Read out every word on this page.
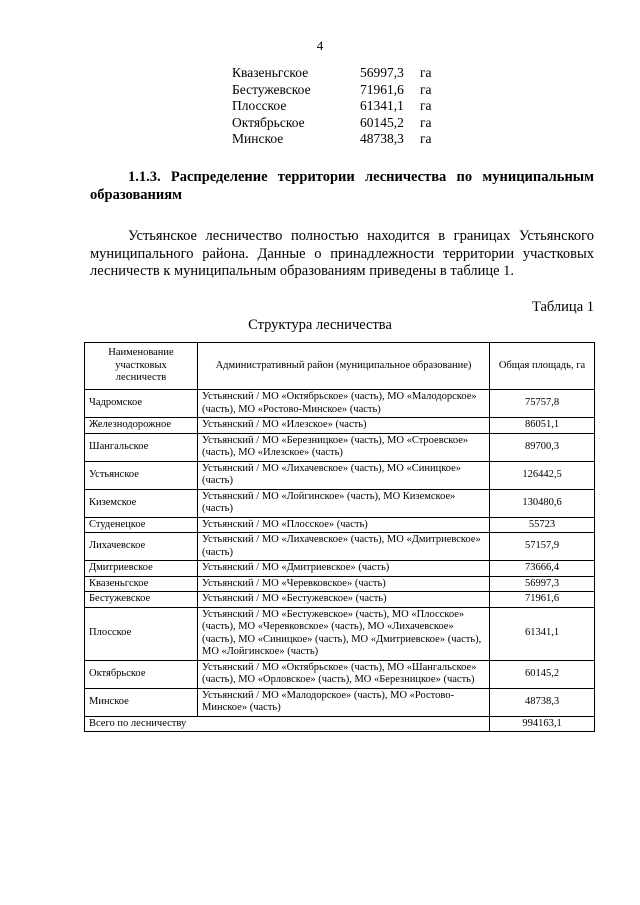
4
Квазеньгское	56997,3	га
Бестужевское	71961,6	га
Плосское	61341,1	га
Октябрьское	60145,2	га
Минское	48738,3	га
1.1.3. Распределение территории лесничества по муниципальным образованиям
Устьянское лесничество полностью находится в границах Устьянского муниципального района. Данные о принадлежности территории участковых лесничеств к муниципальным образованиям приведены в таблице 1.
Таблица 1
Структура лесничества
Наименование участковых лесничеств	Административный район (муниципальное образование)	Общая площадь, га
Чадромское	Устьянский / МО «Октябрьское» (часть), МО «Малодорское» (часть), МО «Ростово-Минское» (часть)	75757,8
Железнодорожное	Устьянский / МО «Илезское» (часть)	86051,1
Шангальское	Устьянский / МО «Березницкое» (часть), МО «Строевское» (часть), МО «Илезское» (часть)	89700,3
Устьянское	Устьянский / МО «Лихачевское» (часть), МО «Синицкое» (часть)	126442,5
Киземское	Устьянский / МО «Лойгинское» (часть), МО Киземское» (часть)	130480,6
Студенецкое	Устьянский / МО «Плосское» (часть)	55723
Лихачевское	Устьянский / МО «Лихачевское» (часть), МО «Дмитриевское» (часть)	57157,9
Дмитриевское	Устьянский / МО «Дмитриевское» (часть)	73666,4
Квазеньгское	Устьянский / МО «Черевковское» (часть)	56997,3
Бестужевское	Устьянский / МО «Бестужевское» (часть)	71961,6
Плосское	Устьянский / МО «Бестужевское» (часть), МО «Плосское» (часть), МО «Черевковское» (часть), МО «Лихачевское» (часть), МО «Синицкое» (часть), МО «Дмитриевское» (часть), МО «Лойгинское» (часть)	61341,1
Октябрьское	Устьянский / МО «Октябрьское» (часть), МО «Шангальское» (часть), МО «Орловское» (часть), МО «Березницкое» (часть)	60145,2
Минское	Устьянский / МО «Малодорское» (часть), МО «Ростово-Минское» (часть)	48738,3
Всего по лесничеству		994163,1
